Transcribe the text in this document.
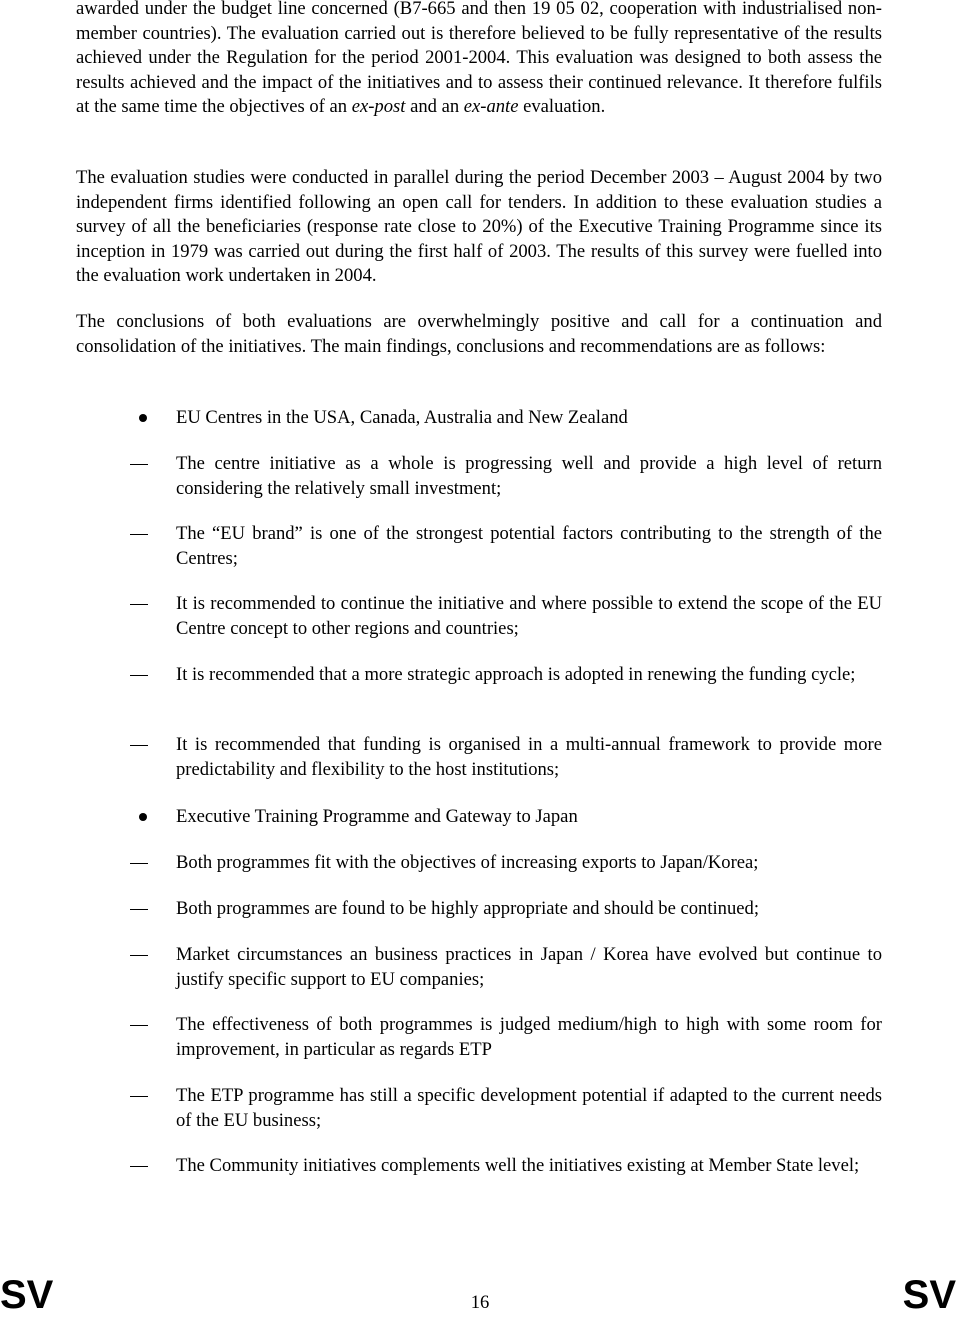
awarded under the budget line concerned (B7-665 and then 19 05 02, cooperation with industrialised non-member countries). The evaluation carried out is therefore believed to be fully representative of the results achieved under the Regulation for the period 2001-2004. This evaluation was designed to both assess the results achieved and the impact of the initiatives and to assess their continued relevance. It therefore fulfils at the same time the objectives of an ex-post and an ex-ante evaluation.

The evaluation studies were conducted in parallel during the period December 2003 – August 2004 by two independent firms identified following an open call for tenders. In addition to these evaluation studies a survey of all the beneficiaries (response rate close to 20%) of the Executive Training Programme since its inception in 1979 was carried out during the first half of 2003. The results of this survey were fuelled into the evaluation work undertaken in 2004.

The conclusions of both evaluations are overwhelmingly positive and call for a continuation and consolidation of the initiatives. The main findings, conclusions and recommendations are as follows:

EU Centres in the USA, Canada, Australia and New Zealand
The centre initiative as a whole is progressing well and provide a high level of return considering the relatively small investment;
The “EU brand” is one of the strongest potential factors contributing to the strength of the Centres;
It is recommended to continue the initiative and where possible to extend the scope of the EU Centre concept to other regions and countries;
It is recommended that a more strategic approach is adopted in renewing the funding cycle;
It is recommended that funding is organised in a multi-annual framework to provide more predictability and flexibility to the host institutions;
Executive Training Programme and Gateway to Japan
Both programmes fit with the objectives of increasing exports to Japan/Korea;
Both programmes are found to be highly appropriate and should be continued;
Market circumstances an business practices in Japan / Korea have evolved but continue to justify specific support to EU companies;
The effectiveness of both programmes is judged medium/high to high with some room for improvement, in particular as regards ETP
The ETP programme has still a specific development potential if adapted to the current needs of the EU business;
The Community initiatives complements well the initiatives existing at Member State level;
SV	16	SV
